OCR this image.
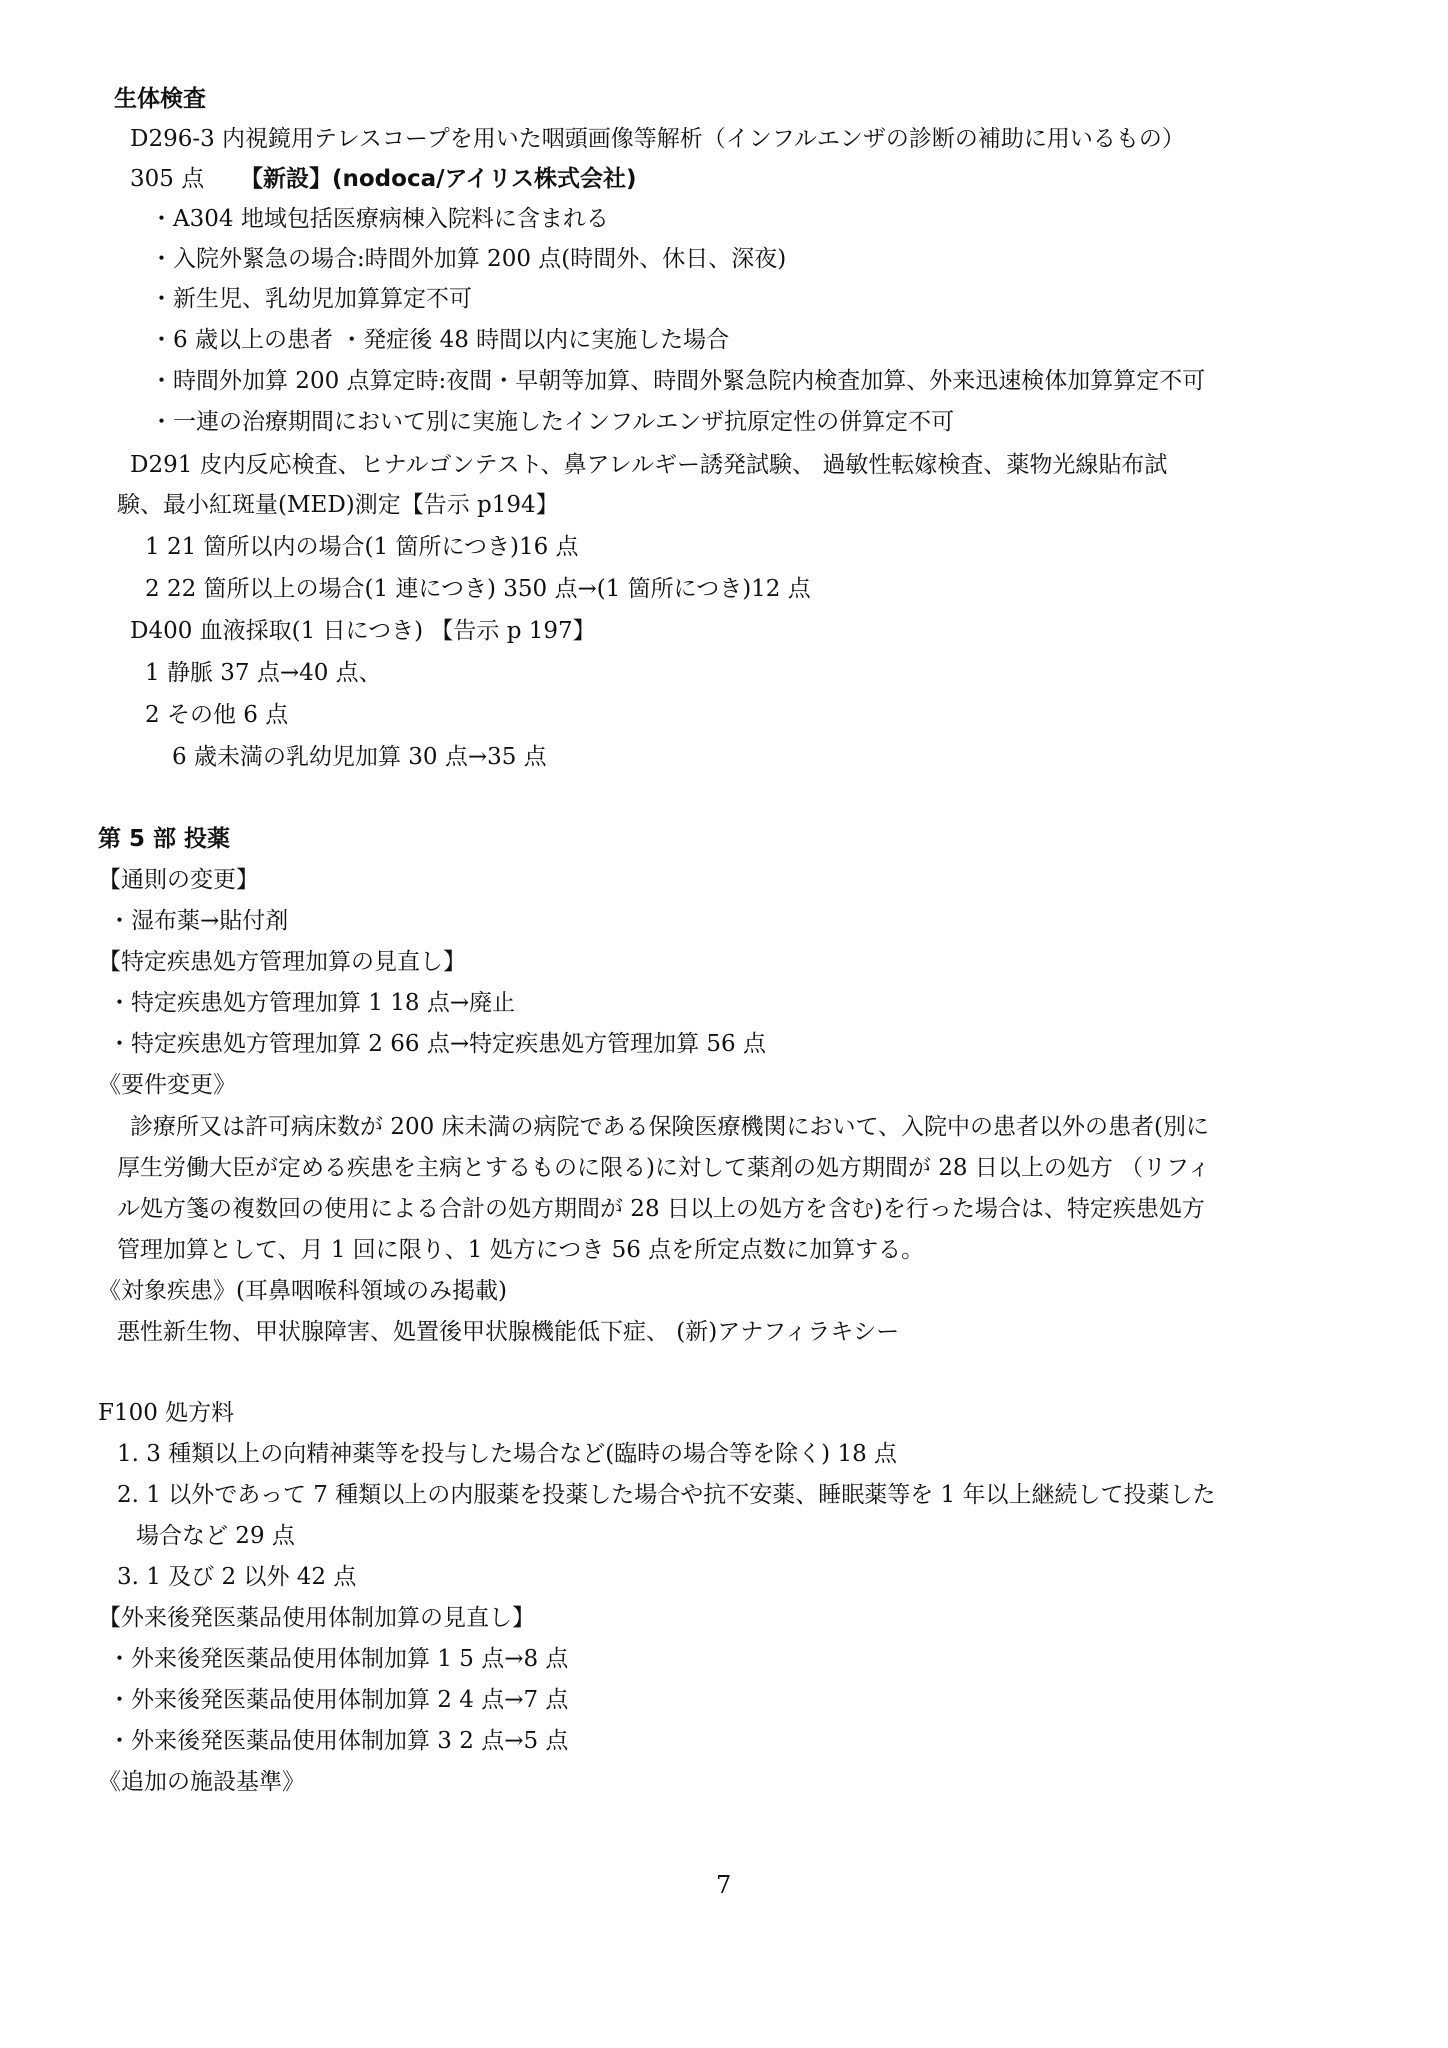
生体検査
D296-3 内視鏡用テレスコープを用いた咽頭画像等解析（インフルエンザの診断の補助に用いるもの）
305 点 【新設】(nodoca/アイリス株式会社)
・A304 地域包括医療病棟入院料に含まれる
・入院外緊急の場合:時間外加算 200 点(時間外、休日、深夜)
・新生児、乳幼児加算算定不可
・6 歳以上の患者 ・発症後 48 時間以内に実施した場合
・時間外加算 200 点算定時:夜間・早朝等加算、時間外緊急院内検査加算、外来迅速検体加算算定不可
・一連の治療期間において別に実施したインフルエンザ抗原定性の併算定不可
D291 皮内反応検査、ヒナルゴンテスト、鼻アレルギー誘発試験、 過敏性転嫁検査、薬物光線貼布試
験、最小紅斑量(MED)測定【告示 p194】
1 21 箇所以内の場合(1 箇所につき)16 点
2 22 箇所以上の場合(1 連につき) 350 点→(1 箇所につき)12 点
D400 血液採取(1 日につき) 【告示 p 197】
1 静脈 37 点→40 点、
2 その他 6 点
6 歳未満の乳幼児加算 30 点→35 点
第 5 部 投薬
【通則の変更】
・湿布薬→貼付剤
【特定疾患処方管理加算の見直し】
・特定疾患処方管理加算 1 18 点→廃止
・特定疾患処方管理加算 2 66 点→特定疾患処方管理加算 56 点
《要件変更》
診療所又は許可病床数が 200 床未満の病院である保険医療機関において、入院中の患者以外の患者(別に
厚生労働大臣が定める疾患を主病とするものに限る)に対して薬剤の処方期間が 28 日以上の処方 （リフィ
ル処方箋の複数回の使用による合計の処方期間が 28 日以上の処方を含む)を行った場合は、特定疾患処方
管理加算として、月 1 回に限り、1 処方につき 56 点を所定点数に加算する。
《対象疾患》(耳鼻咽喉科領域のみ掲載)
悪性新生物、甲状腺障害、処置後甲状腺機能低下症、 (新)アナフィラキシー
F100 処方料
1. 3 種類以上の向精神薬等を投与した場合など(臨時の場合等を除く) 18 点
2. 1 以外であって 7 種類以上の内服薬を投薬した場合や抗不安薬、睡眠薬等を 1 年以上継続して投薬した
場合など 29 点
3. 1 及び 2 以外 42 点
【外来後発医薬品使用体制加算の見直し】
・外来後発医薬品使用体制加算 1 5 点→8 点
・外来後発医薬品使用体制加算 2 4 点→7 点
・外来後発医薬品使用体制加算 3 2 点→5 点
《追加の施設基準》
7
